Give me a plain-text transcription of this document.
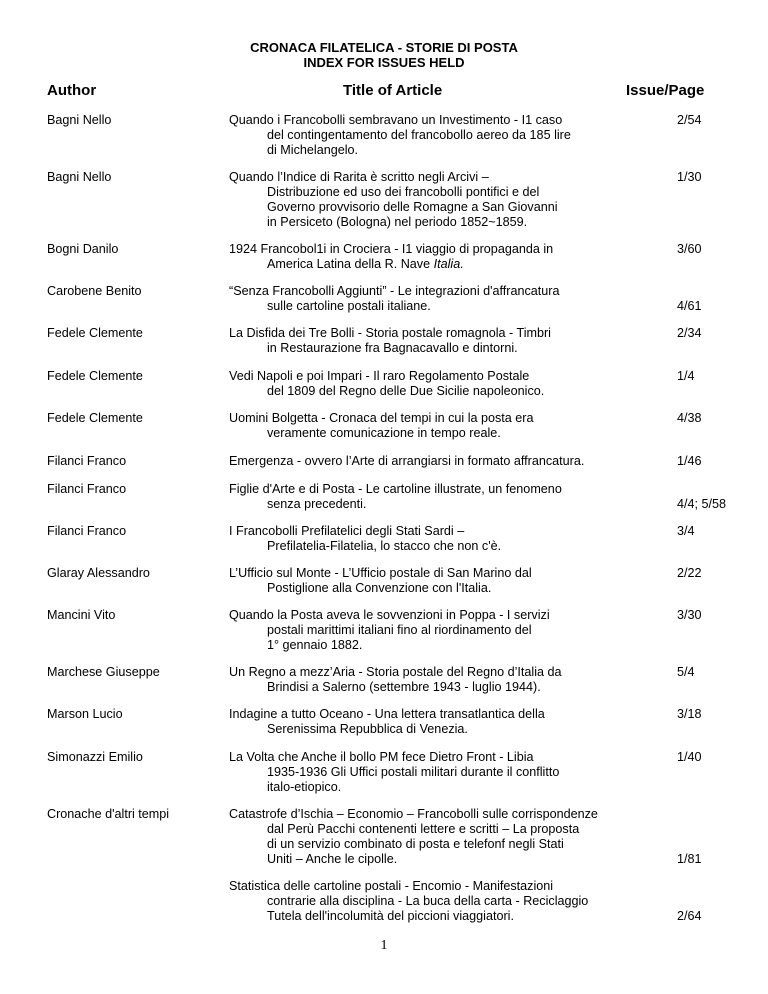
CRONACA FILATELICA - STORIE DI POSTA
INDEX FOR ISSUES HELD
Author	Title of Article	Issue/Page
Bagni Nello	Quando i Francobolli sembravano un Investimento - I1 caso
del contingentamento del francobollo aereo da 185 lire
di Michelangelo.
2/54
Bagni Nello	Quando l’Indice di Rarita è scritto negli Arcivi –
Distribuzione ed uso dei francobolli pontifici e del
Governo provvisorio delle Romagne a San Giovanni
in Persiceto (Bologna) nel periodo 1852~1859.
1/30
Bogni Danilo	1924 Francobol1i in Crociera - I1 viaggio di propaganda in
America Latina della R. Nave Italia.
3/60
Carobene Benito	“Senza Francobolli Aggiunti” - Le integrazioni d'affrancatura
sulle cartoline postali italiane.	4/61
Fedele Clemente	La Disfida dei Tre Bolli - Storia postale romagnola - Timbri
in Restaurazione fra Bagnacavallo e dintorni.
2/34
Fedele Clemente	Vedi Napoli e poi Impari - Il raro Regolamento Postale
del 1809 del Regno delle Due Sicilie napoleonico.
1/4
Fedele Clemente	Uomini Bolgetta - Cronaca del tempi in cui la posta era
veramente comunicazione in tempo reale.
4/38
Filanci Franco	Emergenza - ovvero l’Arte di arrangiarsi in formato affrancatura.	1/46
Filanci Franco	Figlie d'Arte e di Posta - Le cartoline illustrate, un fenomeno
senza precedenti.	4/4; 5/58
Filanci Franco	I Francobolli Prefilatelici degli Stati Sardi –
Prefilatelia-Filatelia, lo stacco che non c'è.
3/4
Glaray Alessandro	L’Ufficio sul Monte - L’Ufficio postale di San Marino dal
Postiglione alla Convenzione con l'Italia.
2/22
Mancini Vito	Quando la Posta aveva le sovvenzioni in Poppa - I servizi
postali marittimi italiani fino al riordinamento del
1° gennaio 1882.
3/30
Marchese Giuseppe	Un Regno a mezz’Aria - Storia postale del Regno d’Italia da
Brindisi a Salerno (settembre 1943 - luglio 1944).
5/4
Marson Lucio	Indagine a tutto Oceano - Una lettera transatlantica della
Serenissima Repubblica di Venezia.
3/18
Simonazzi Emilio	La Volta che Anche il bollo PM fece Dietro Front - Libia
1935-1936 Gli Uffici postali militari durante il conflitto
italo-etiopico.
1/40
Cronache d'altri tempi	Catastrofe d’Ischia – Economio – Francobolli sulle corrispondenze
dal Perù Pacchi contenenti lettere e scritti – La proposta
di un servizio combinato di posta e telefonf negli Stati
Uniti – Anche le cipolle.	1/81
Statistica delle cartoline postali - Encomio - Manifestazioni
contrarie alla disciplina - La buca della carta - Reciclaggio
Tutela dell'incolumità del piccioni viaggiatori.	2/64
1
